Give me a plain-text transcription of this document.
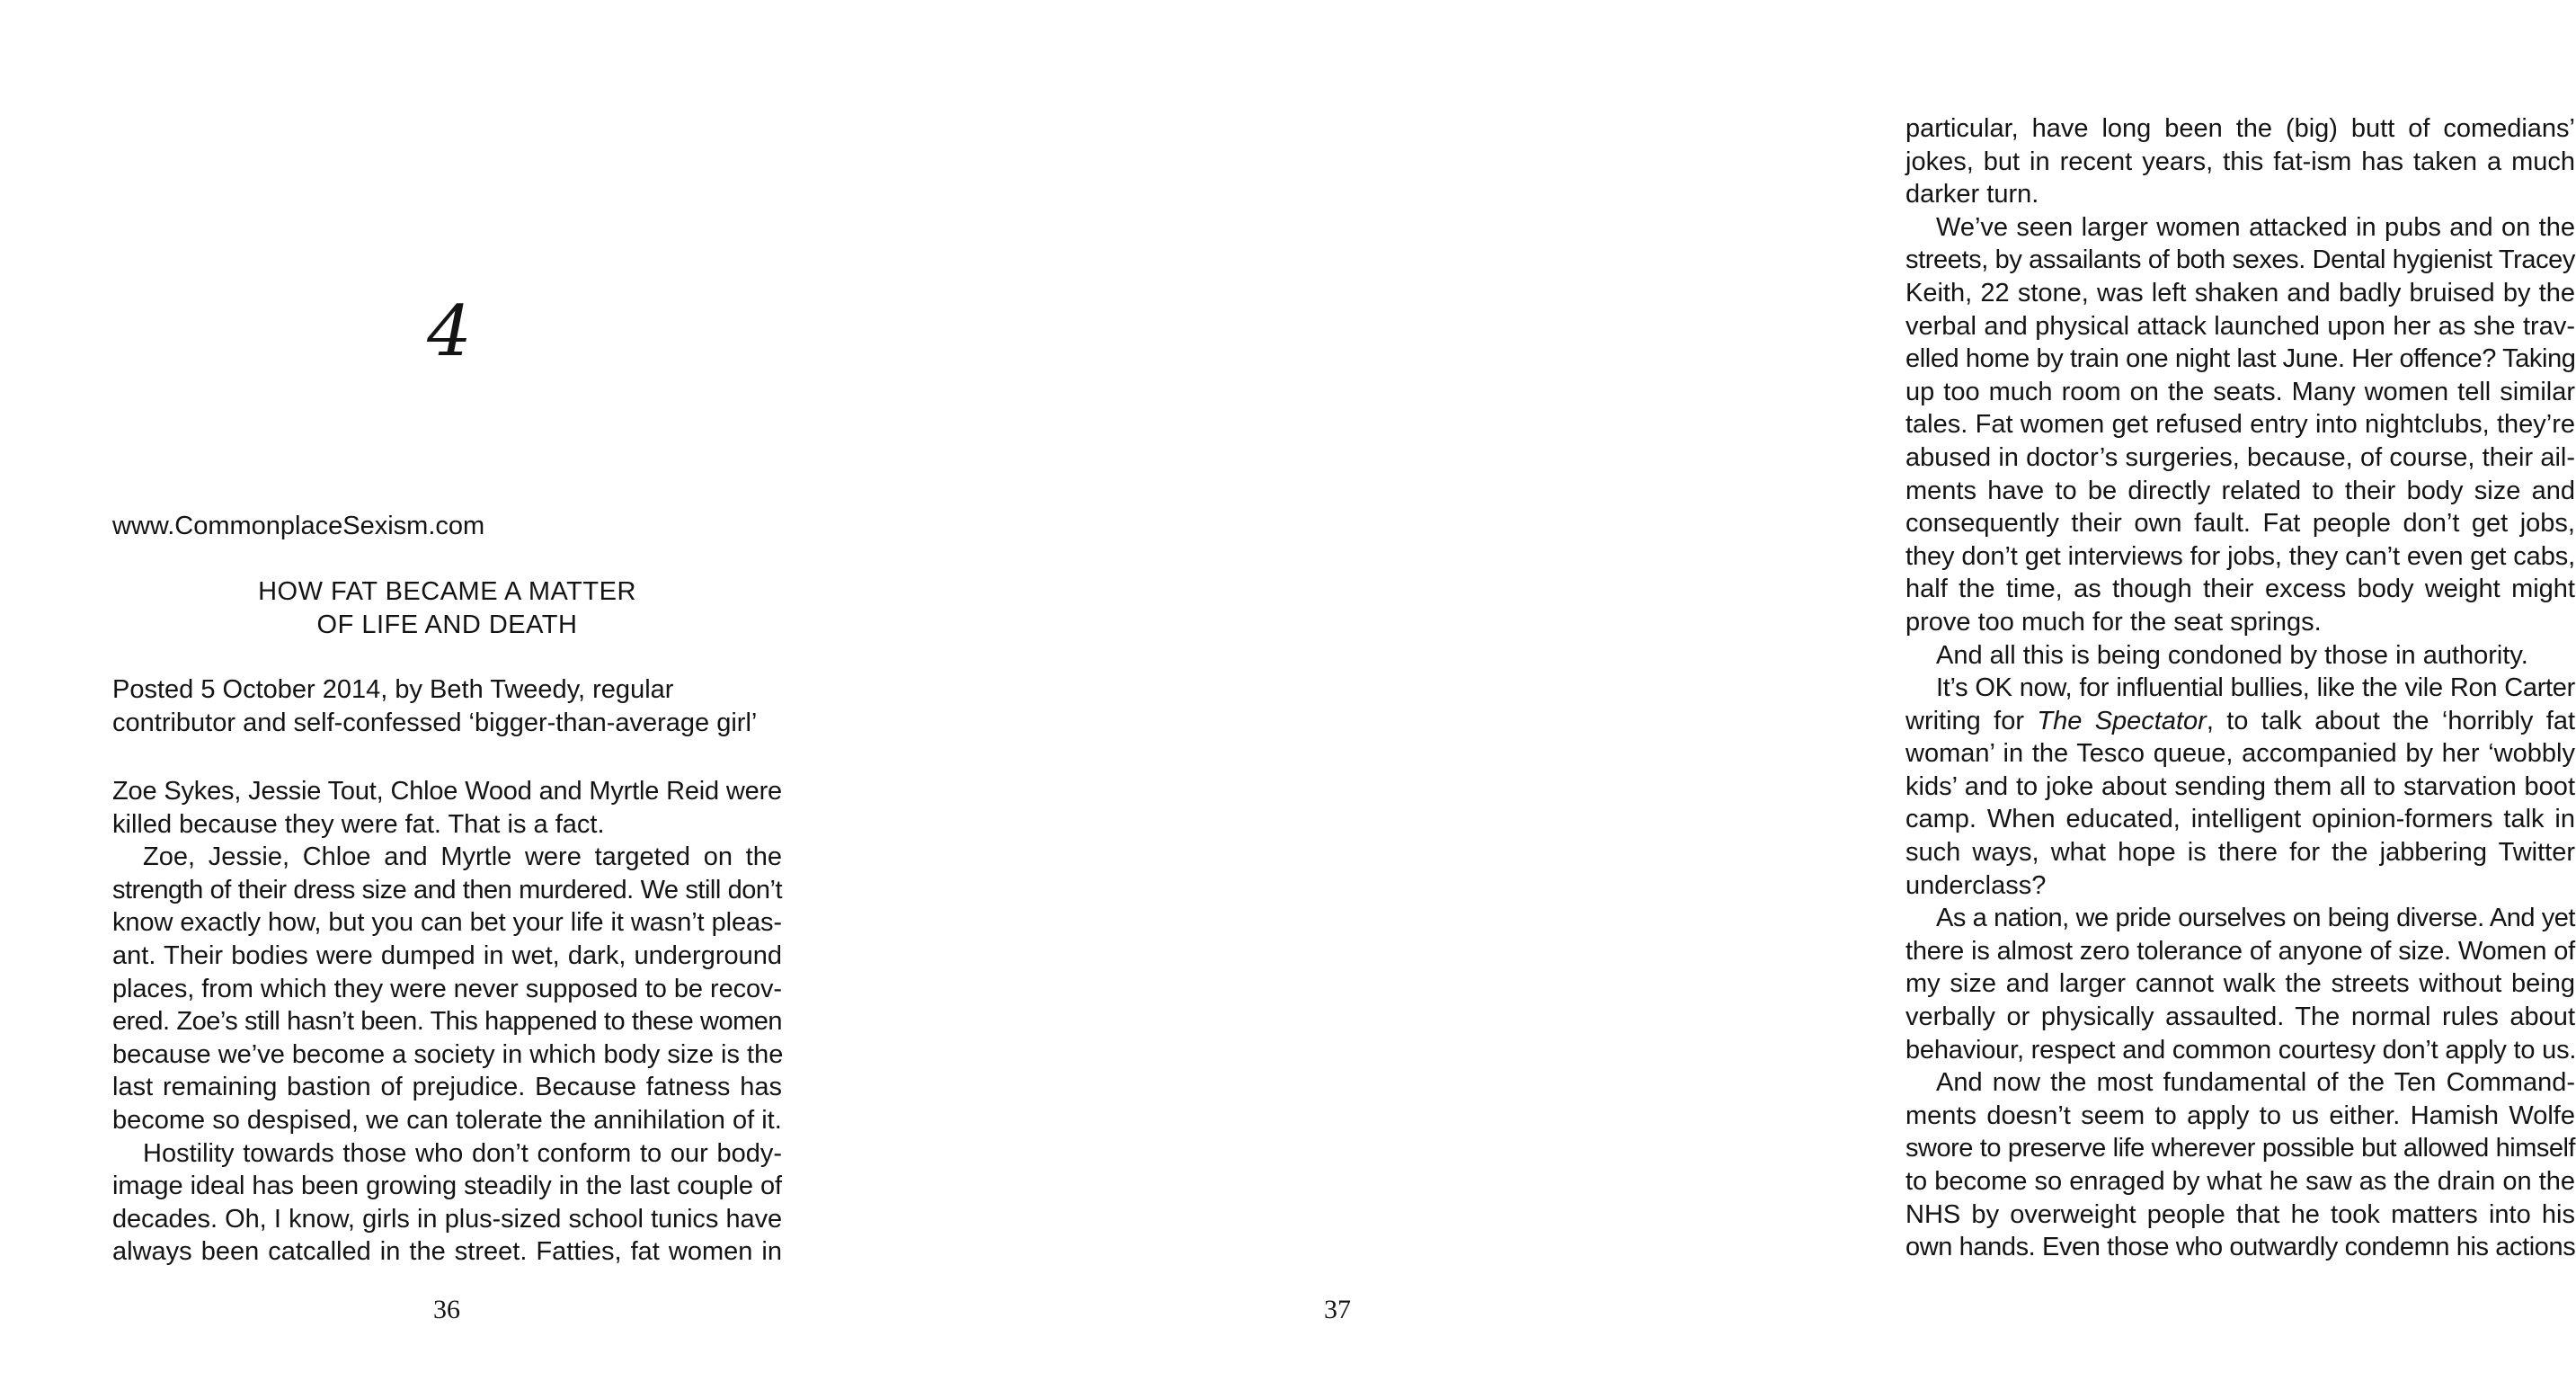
4
www.CommonplaceSexism.com
HOW FAT BECAME A MATTER
OF LIFE AND DEATH
Posted 5 October 2014, by Beth Tweedy, regular
contributor and self-confessed ‘bigger-than-average girl’
Zoe Sykes, Jessie Tout, Chloe Wood and Myrtle Reid were
killed because they were fat. That is a fact.
Zoe, Jessie, Chloe and Myrtle were targeted on the
strength of their dress size and then murdered. We still don’t
know exactly how, but you can bet your life it wasn’t pleas-
ant. Their bodies were dumped in wet, dark, underground
places, from which they were never supposed to be recov-
ered. Zoe’s still hasn’t been. This happened to these women
because we’ve become a society in which body size is the
last remaining bastion of prejudice. Because fatness has
become so despised, we can tolerate the annihilation of it.
Hostility towards those who don’t conform to our body-
image ideal has been growing steadily in the last couple of
decades. Oh, I know, girls in plus-sized school tunics have
always been catcalled in the street. Fatties, fat women in
36
particular, have long been the (big) butt of comedians’
jokes, but in recent years, this fat-ism has taken a much
darker turn.
We’ve seen larger women attacked in pubs and on the
streets, by assailants of both sexes. Dental hygienist Tracey
Keith, 22 stone, was left shaken and badly bruised by the
verbal and physical attack launched upon her as she trav-
elled home by train one night last June. Her offence? Taking
up too much room on the seats. Many women tell similar
tales. Fat women get refused entry into nightclubs, they’re
abused in doctor’s surgeries, because, of course, their ail-
ments have to be directly related to their body size and
consequently their own fault. Fat people don’t get jobs,
they don’t get interviews for jobs, they can’t even get cabs,
half the time, as though their excess body weight might
prove too much for the seat springs.
And all this is being condoned by those in authority.
It’s OK now, for influential bullies, like the vile Ron Carter
writing for The Spectator, to talk about the ‘horribly fat
woman’ in the Tesco queue, accompanied by her ‘wobbly
kids’ and to joke about sending them all to starvation boot
camp. When educated, intelligent opinion-formers talk in
such ways, what hope is there for the jabbering Twitter
underclass?
As a nation, we pride ourselves on being diverse. And yet
there is almost zero tolerance of anyone of size. Women of
my size and larger cannot walk the streets without being
verbally or physically assaulted. The normal rules about
behaviour, respect and common courtesy don’t apply to us.
And now the most fundamental of the Ten Command-
ments doesn’t seem to apply to us either. Hamish Wolfe
swore to preserve life wherever possible but allowed himself
to become so enraged by what he saw as the drain on the
NHS by overweight people that he took matters into his
own hands. Even those who outwardly condemn his actions
37
